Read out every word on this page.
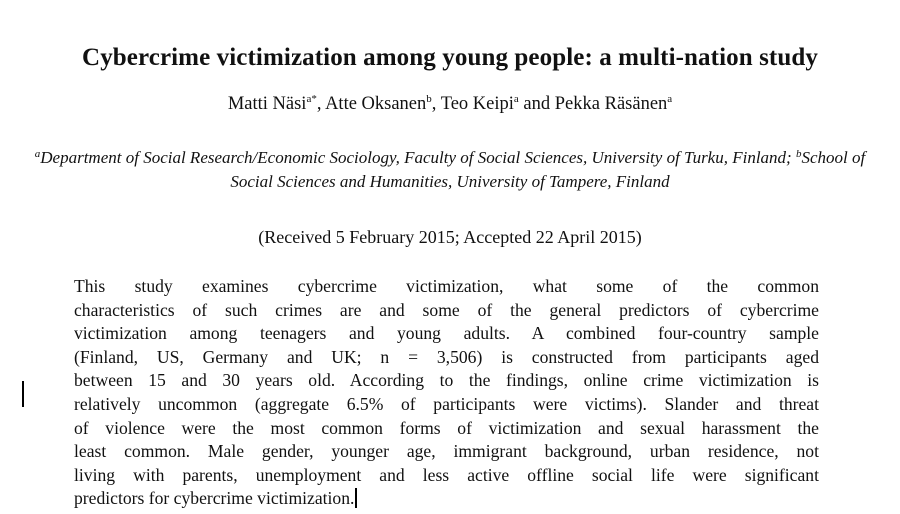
Cybercrime victimization among young people: a multi-nation study
Matti Näsi$^{a*}$, Atte Oksanen$^b$, Teo Keipi$^a$ and Pekka Räsänen$^a$
$^a$Department of Social Research/Economic Sociology, Faculty of Social Sciences, University of Turku, Finland; $^b$School of Social Sciences and Humanities, University of Tampere, Finland
(Received 5 February 2015; Accepted 22 April 2015)
This study examines cybercrime victimization, what some of the common
characteristics of such crimes are and some of the general predictors of cybercrime
victimization among teenagers and young adults. A combined four-country sample
(Finland, US, Germany and UK; n = 3,506) is constructed from participants aged
between 15 and 30 years old. According to the findings, online crime victimization is
relatively uncommon (aggregate 6.5% of participants were victims). Slander and threat
of violence were the most common forms of victimization and sexual harassment the
least common. Male gender, younger age, immigrant background, urban residence, not
living with parents, unemployment and less active offline social life were significant
predictors for cybercrime victimization.
